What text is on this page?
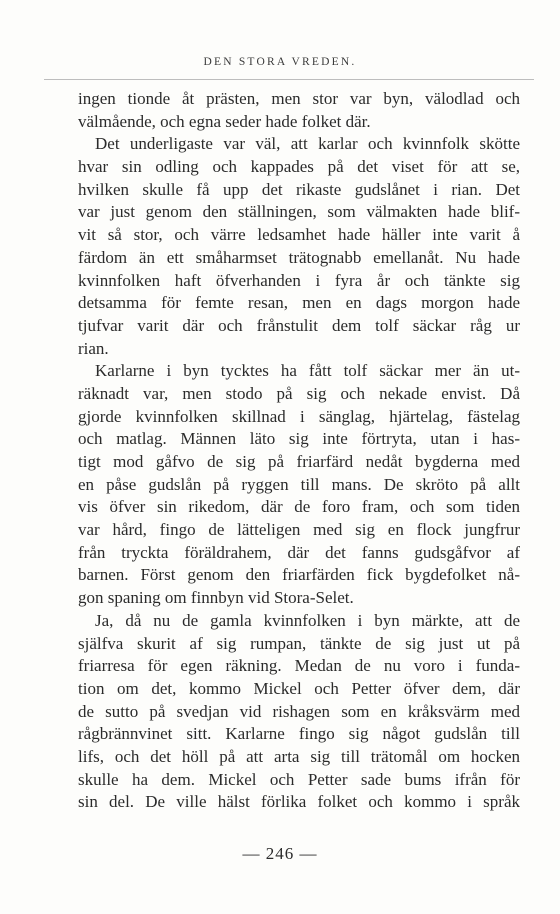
DEN STORA VREDEN.
ingen tionde åt prästen, men stor var byn, välodlad och
välmående, och egna seder hade folket där.
Det underligaste var väl, att karlar och kvinnfolk skötte
hvar sin odling och kappades på det viset för att se,
hvilken skulle få upp det rikaste gudslånet i rian. Det
var just genom den ställningen, som välmakten hade blif-
vit så stor, och värre ledsamhet hade häller inte varit å
färdom än ett småharmset trätognabb emellanåt. Nu hade
kvinnfolken haft öfverhanden i fyra år och tänkte sig
detsamma för femte resan, men en dags morgon hade
tjufvar varit där och frånstulit dem tolf säckar råg ur
rian.
Karlarne i byn tycktes ha fått tolf säckar mer än ut-
räknadt var, men stodo på sig och nekade envist. Då
gjorde kvinnfolken skillnad i sänglag, hjärtelag, fästelag
och matlag. Männen läto sig inte förtryta, utan i has-
tigt mod gåfvo de sig på friarfärd nedåt bygderna med
en påse gudslån på ryggen till mans. De skröto på allt
vis öfver sin rikedom, där de foro fram, och som tiden
var hård, fingo de lätteligen med sig en flock jungfrur
från tryckta föräldrahem, där det fanns gudsgåfvor af
barnen. Först genom den friarfärden fick bygdefolket nå-
gon spaning om finnbyn vid Stora-Selet.
Ja, då nu de gamla kvinnfolken i byn märkte, att de
själfva skurit af sig rumpan, tänkte de sig just ut på
friarresa för egen räkning. Medan de nu voro i funda-
tion om det, kommo Mickel och Petter öfver dem, där
de sutto på svedjan vid rishagen som en kråksvärm med
rågbrännvinet sitt. Karlarne fingo sig något gudslån till
lifs, och det höll på att arta sig till trätomål om hocken
skulle ha dem. Mickel och Petter sade bums ifrån för
sin del. De ville hälst förlika folket och kommo i språk
— 246 —
